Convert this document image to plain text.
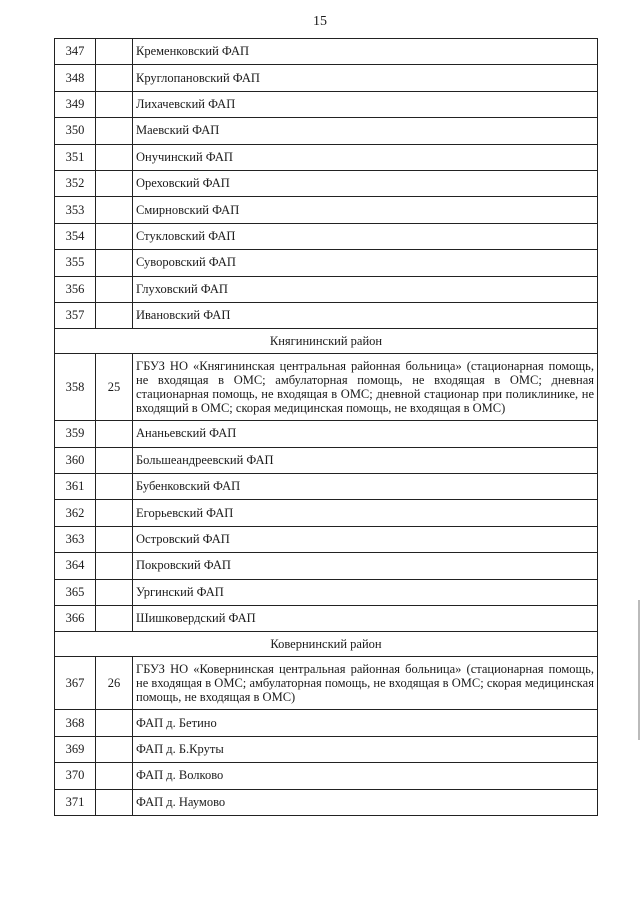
15
347		Кременковский ФАП
348		Круглопановский ФАП
349		Лихачевский ФАП
350		Маевский ФАП
351		Онучинский ФАП
352		Ореховский ФАП
353		Смирновский ФАП
354		Стукловский ФАП
355		Суворовский ФАП
356		Глуховский ФАП
357		Ивановский ФАП
Княгининский район		
358	25	ГБУЗ НО «Княгининская центральная районная больница» (стационарная помощь, не входящая в ОМС; амбулаторная помощь, не входящая в ОМС; дневная стационарная помощь, не входящая в ОМС; дневной стационар при поликлинике, не входящий в ОМС; скорая медицинская помощь, не входящая в ОМС)

359		Ананьевский ФАП
360		Большеандреевский ФАП
361		Бубенковский ФАП
362		Егорьевский ФАП
363		Островский ФАП
364		Покровский ФАП
365		Ургинский ФАП
366		Шишковердский ФАП
Ковернинский район		
367	26	ГБУЗ НО «Ковернинская центральная районная больница» (стационарная помощь, не входящая в ОМС; амбулаторная помощь, не входящая в ОМС; скорая медицинская помощь, не входящая в ОМС)

368		ФАП д. Бетино
369		ФАП д. Б.Круты
370		ФАП д. Волково
371		ФАП д. Наумово
